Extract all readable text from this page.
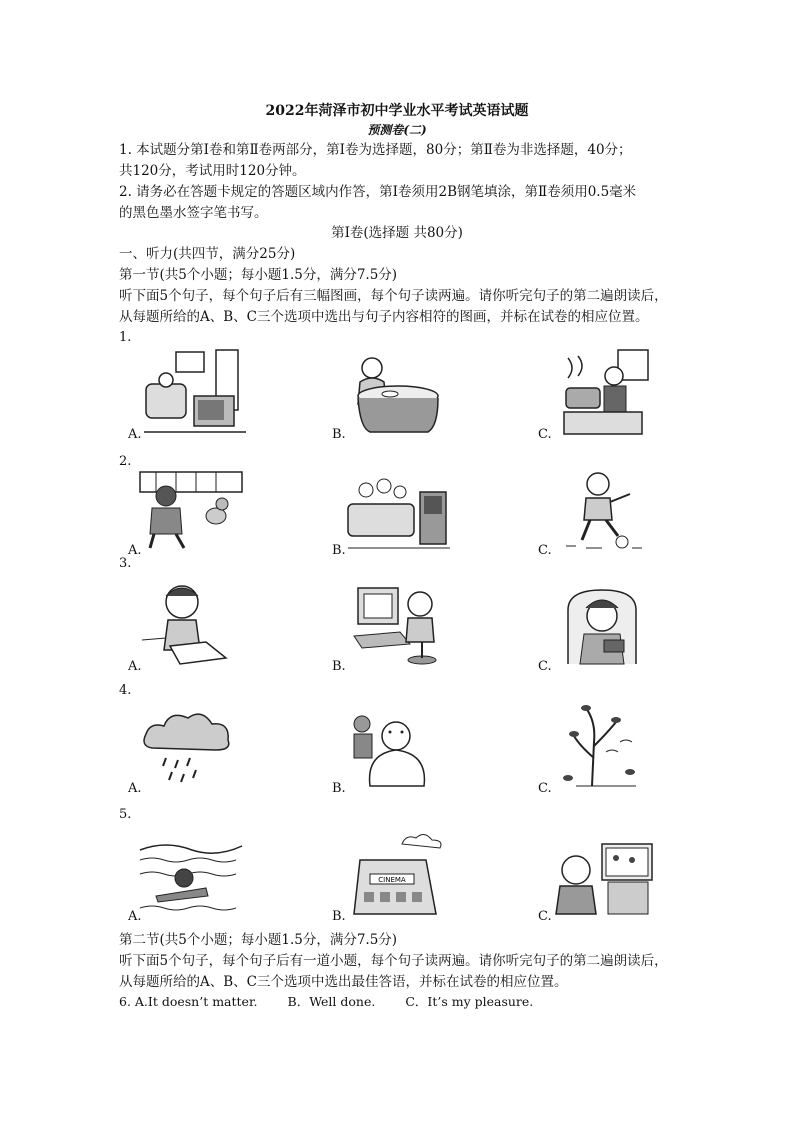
2022年菏泽市初中学业水平考试英语试题
预测卷(二)
1. 本试题分第Ⅰ卷和第Ⅱ卷两部分，第Ⅰ卷为选择题，80分；第Ⅱ卷为非选择题，40分；
共120分，考试用时120分钟。
2. 请务必在答题卡规定的答题区域内作答，第Ⅰ卷须用2B钢笔填涂，第Ⅱ卷须用0.5毫米
的黑色墨水签字笔书写。
第Ⅰ卷(选择题 共80分)
一、听力(共四节，满分25分)
第一节(共5个小题；每小题1.5分，满分7.5分)
听下面5个句子，每个句子后有三幅图画，每个句子读两遍。请你听完句子的第二遍朗读后，
从每题所给的A、B、C三个选项中选出与句子内容相符的图画，并标在试卷的相应位置。
1.
A.	B.	C.
2.
A.	B.	C.
3.
A.	B.	C.
4.
A.	B.	C.
5.
A.
CINEMA
B.	C.
第二节(共5个小题；每小题1.5分，满分7.5分)
听下面5个句子，每个句子后有一道小题，每个句子读两遍。请你听完句子的第二遍朗读后，
从每题所给的A、B、C三个选项中选出最佳答语，并标在试卷的相应位置。
6. A.It doesn’t matter. B．Well done. C．It’s my pleasure.
